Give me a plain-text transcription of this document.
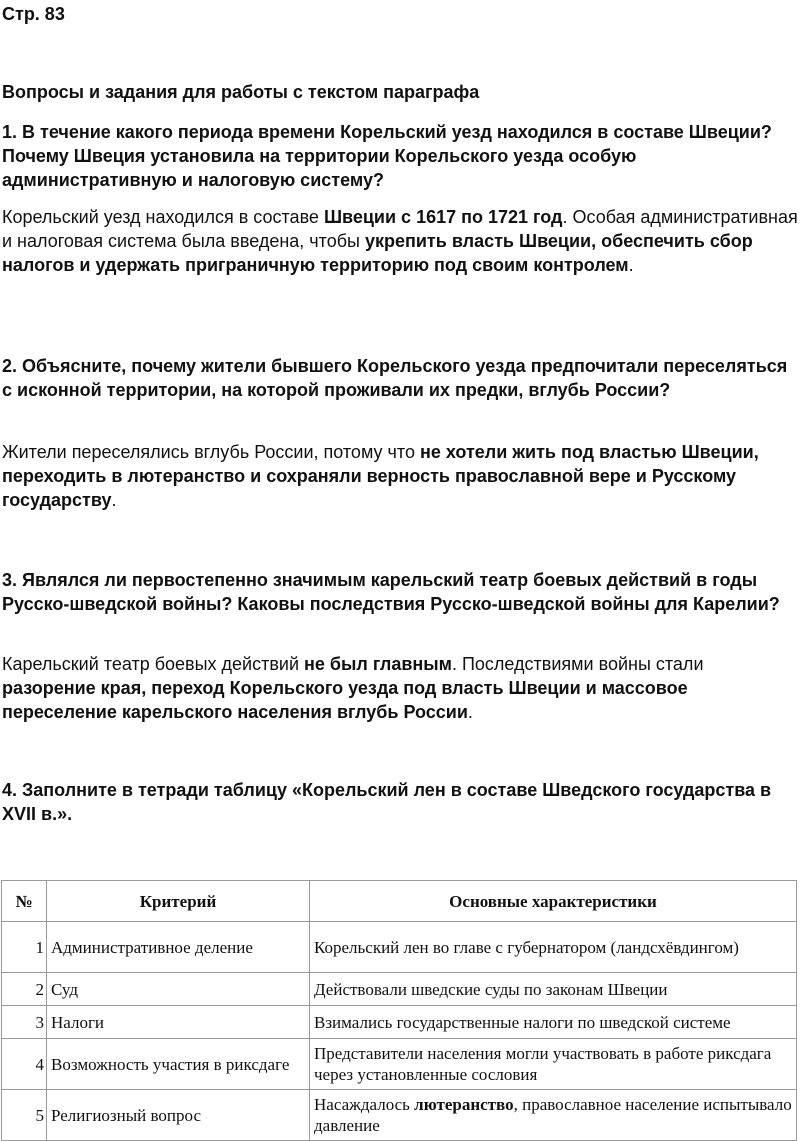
Стр. 83
Вопросы и задания для работы с текстом параграфа
1. В течение какого периода времени Корельский уезд находился в составе Швеции? Почему Швеция установила на территории Корельского уезда особую административную и налоговую систему?
Корельский уезд находился в составе Швеции с 1617 по 1721 год. Особая административная и налоговая система была введена, чтобы укрепить власть Швеции, обеспечить сбор налогов и удержать приграничную территорию под своим контролем.
2. Объясните, почему жители бывшего Корельского уезда предпочитали переселяться с исконной территории, на которой проживали их предки, вглубь России?
Жители переселялись вглубь России, потому что не хотели жить под властью Швеции, переходить в лютеранство и сохраняли верность православной вере и Русскому государству.
3. Являлся ли первостепенно значимым карельский театр боевых действий в годы Русско-шведской войны? Каковы последствия Русско-шведской войны для Карелии?
Карельский театр боевых действий не был главным. Последствиями войны стали разорение края, переход Корельского уезда под власть Швеции и массовое переселение карельского населения вглубь России.
4. Заполните в тетради таблицу «Корельский лен в составе Шведского государства в XVII в.».
№	Критерий	Основные характеристики
1	Административное деление	Корельский лен во главе с губернатором (ландсхёвдингом)
2	Суд	Действовали шведские суды по законам Швеции
3	Налоги	Взимались государственные налоги по шведской системе
4	Возможность участия в риксдаге	Представители населения могли участвовать в работе риксдага через установленные сословия
5	Религиозный вопрос	Насаждалось лютеранство, православное население испытывало давление
